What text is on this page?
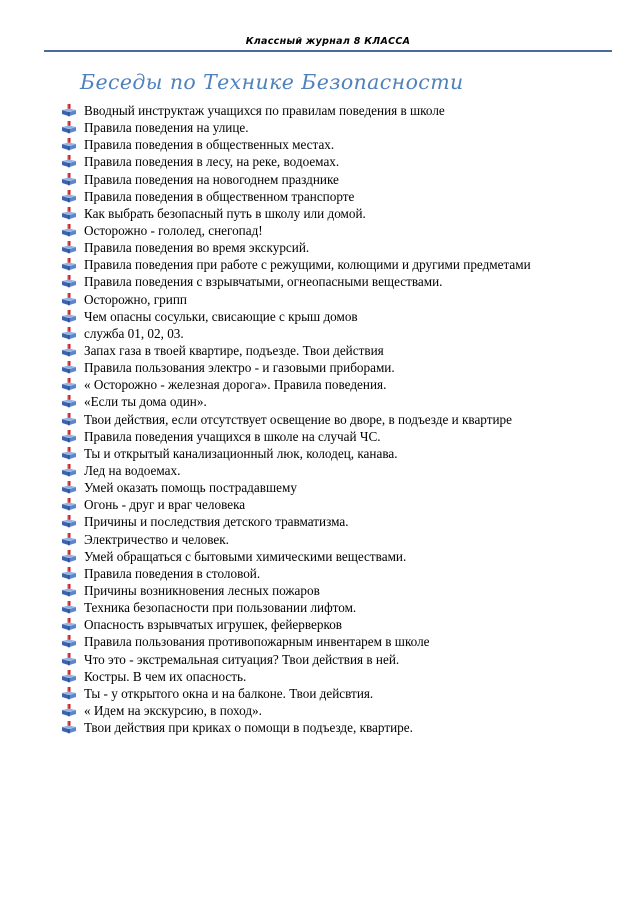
Классный журнал 8 КЛАССА
Беседы по Технике Безопасности
Вводный инструктаж учащихся по правилам поведения в школе
Правила поведения на улице.
Правила поведения в общественных местах.
Правила поведения в лесу, на реке, водоемах.
Правила поведения на новогоднем празднике
Правила поведения в общественном транспорте
Как выбрать безопасный путь в школу или домой.
Осторожно - гололед, снегопад!
Правила поведения во время экскурсий.
Правила поведения при работе с режущими, колющими и другими предметами
Правила поведения с взрывчатыми, огнеопасными веществами.
Осторожно, грипп
Чем опасны сосульки, свисающие с крыш домов
служба 01, 02, 03.
Запах газа в твоей квартире, подъезде. Твои действия
Правила пользования электро - и газовыми приборами.
« Осторожно - железная дорога». Правила поведения.
«Если ты дома один».
Твои действия, если отсутствует освещение во дворе, в подъезде и квартире
Правила поведения учащихся в школе на случай ЧС.
Ты и открытый канализационный люк, колодец, канава.
Лед на водоемах.
Умей оказать помощь пострадавшему
Огонь - друг и враг человека
Причины и последствия детского травматизма.
Электричество и человек.
Умей обращаться с бытовыми химическими веществами.
Правила поведения в столовой.
Причины возникновения лесных пожаров
Техника безопасности при пользовании лифтом.
Опасность взрывчатых игрушек, фейерверков
Правила пользования противопожарным инвентарем в школе
Что это - экстремальная ситуация? Твои действия в ней.
Костры. В чем их опасность.
Ты - у открытого окна и на балконе. Твои дейсвтия.
« Идем на экскурсию, в поход».
Твои действия при криках о помощи в подъезде, квартире.
